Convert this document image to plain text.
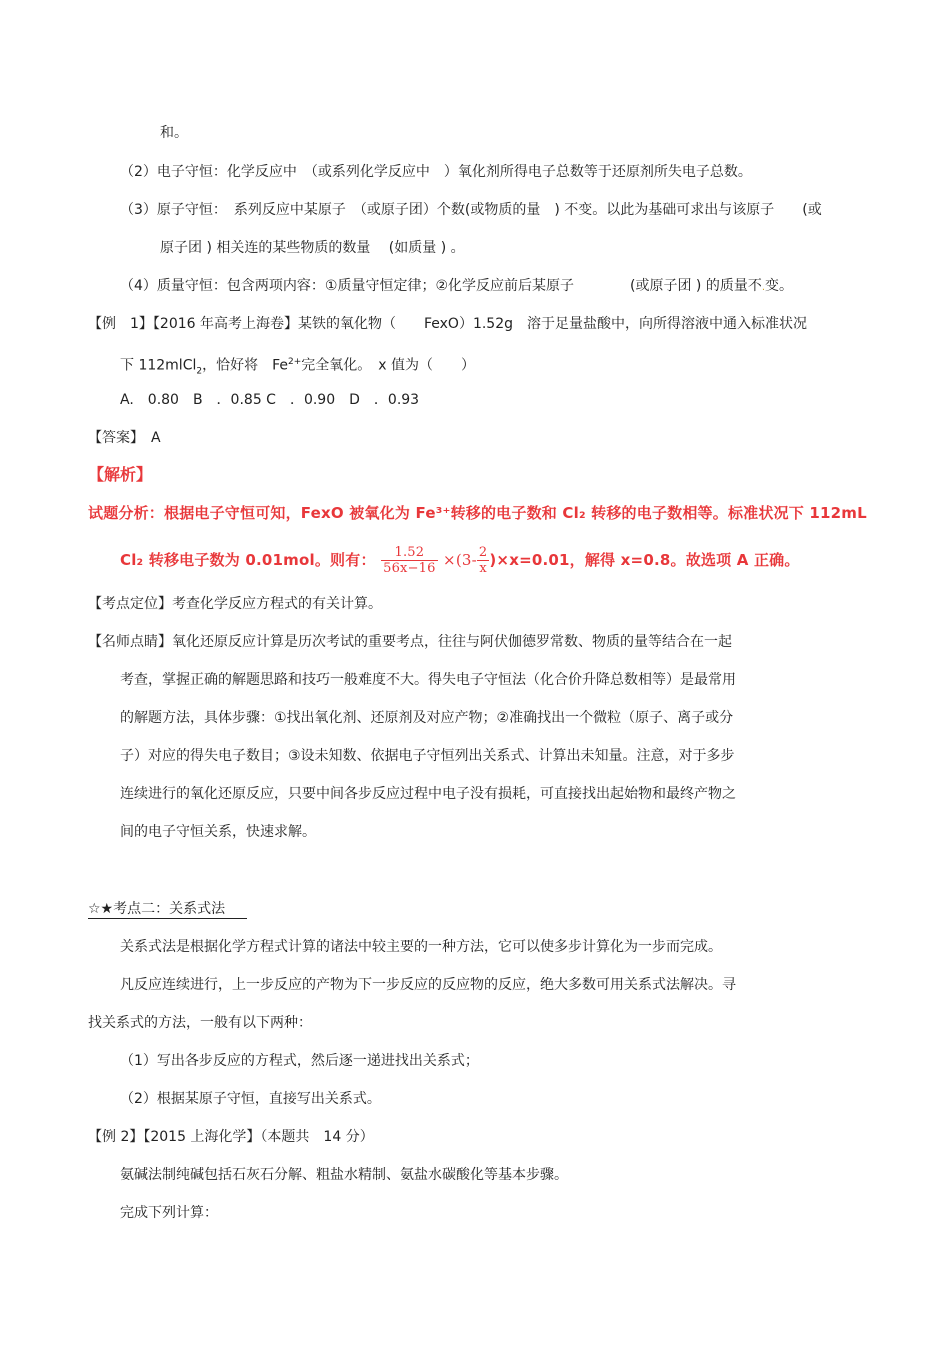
和。
（2）电子守恒：化学反应中　（或系列化学反应中　）氧化剂所得电子总数等于还原剂所失电子总数。
（3）原子守恒：　系列反应中某原子　（或原子团）个数(或物质的量　) 不变。以此为基础可求出与该原子　　(或
原子团 ) 相关连的某些物质的数量　 (如质量 ) 。
（4）质量守恒：包含两项内容：①质量守恒定律；②化学反应前后某原子　　　　(或原子团 ) 的质量不.变。
【例　1】【2016 年高考上海卷】某铁的氧化物（　　FexO）1.52g　溶于足量盐酸中，向所得溶液中通入标准状况
下 112mlCl$_2$，恰好将　$Fe^{2+}$完全氧化。　x 值为（　　）
A.　0.80　B　．0.85 C　．0.90　D　．0.93
【答案】　A
【解析】
试题分析：根据电子守恒可知，FexO 被氧化为 Fe³⁺转移的电子数和 Cl₂ 转移的电子数相等。标准状况下 112mL
Cl₂ 转移电子数为 0.01mol。则有： $\frac{1.52}{56x-16} \times(3- \frac{2}{x} )\times x=0.01$，解得 x=0.8。故选项 A 正确。
【考点定位】考查化学反应方程式的有关计算。
【名师点睛】氧化还原反应计算是历次考试的重要考点，往往与阿伏伽德罗常数、物质的量等结合在一起
考查，掌握正确的解题思路和技巧一般难度不大。得失电子守恒法（化合价升降总数相等）是最常用
的解题方法，具体步骤：①找出氧化剂、还原剂及对应产物；②准确找出一个微粒（原子、离子或分
子）对应的得失电子数目；③设未知数、依据电子守恒列出关系式、计算出未知量。注意，对于多步
连续进行的氧化还原反应，只要中间各步反应过程中电子没有损耗，可直接找出起始物和最终产物之
间的电子守恒关系，快速求解。
☆★考点二：关系式法
关系式法是根据化学方程式计算的诸法中较主要的一种方法，它可以使多步计算化为一步而完成。
凡反应连续进行，上一步反应的产物为下一步反应的反应物的反应，绝大多数可用关系式法解决。寻
找关系式的方法，一般有以下两种：
（1）写出各步反应的方程式，然后逐一递进找出关系式；
（2）根据某原子守恒，直接写出关系式。
【例 2】【2015 上海化学】（本题共　14 分）
氨碱法制纯碱包括石灰石分解、粗盐水精制、氨盐水碳酸化等基本步骤。
完成下列计算：
